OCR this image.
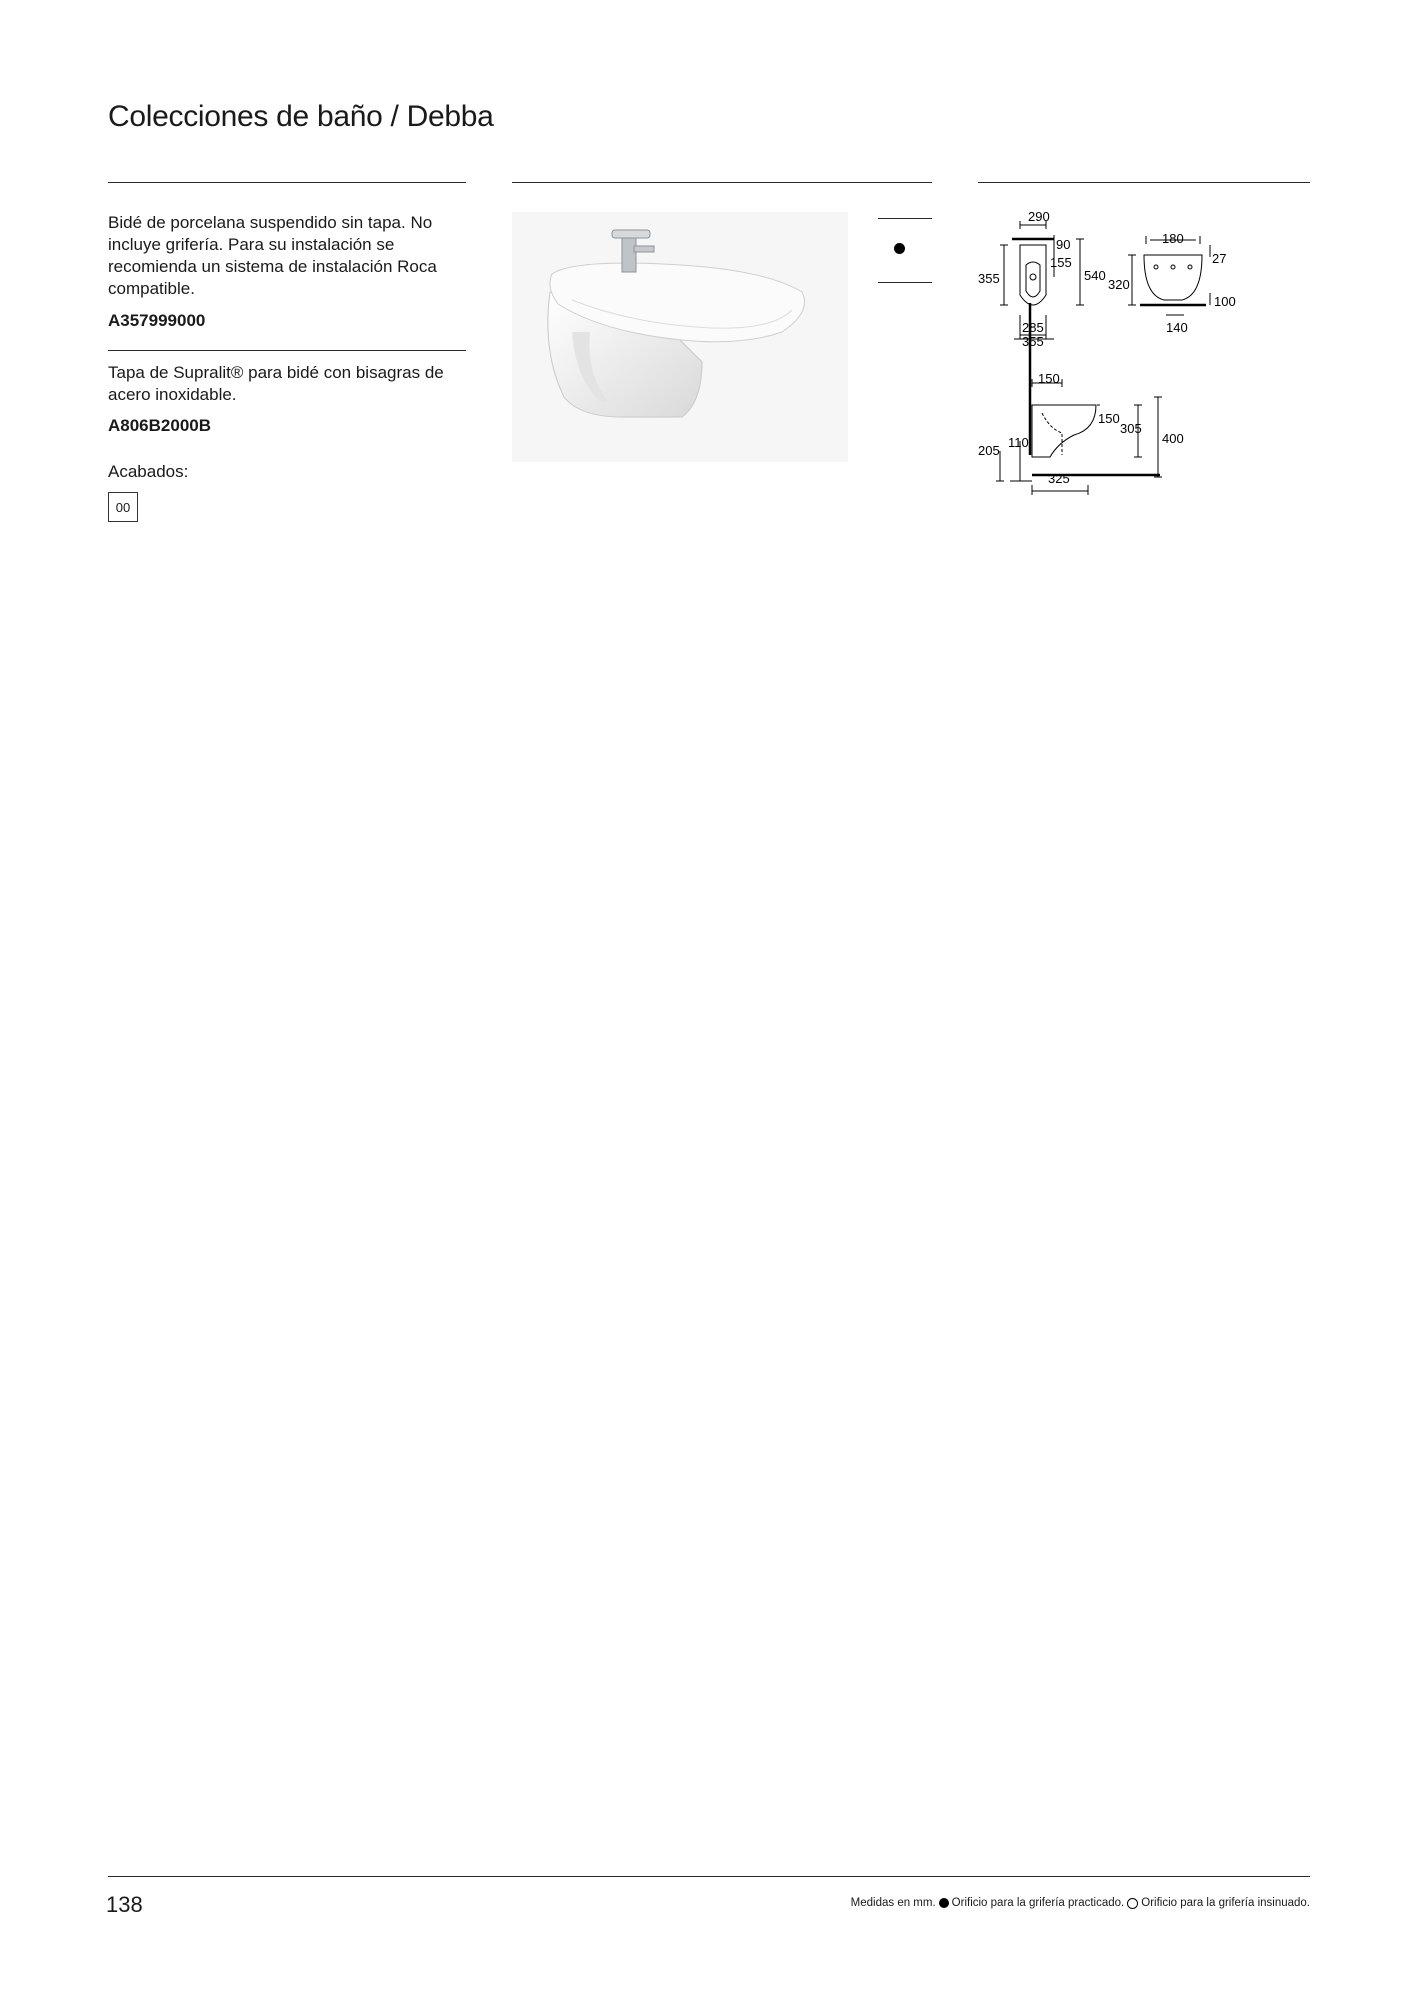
Colecciones de baño / Debba
Bidé de porcelana suspendido sin tapa. No incluye grifería. Para su instalación se recomienda un sistema de instalación Roca compatible.
A357999000
Tapa de Supralit® para bidé con bisagras de acero inoxidable.
A806B2000B
Acabados:
00
290
90
155
540
355
285
355
180
27
320
100
140
150
150
305
400
205
110
325
138	Medidas en mm. Orificio para la grifería practicado. Orificio para la grifería insinuado.
